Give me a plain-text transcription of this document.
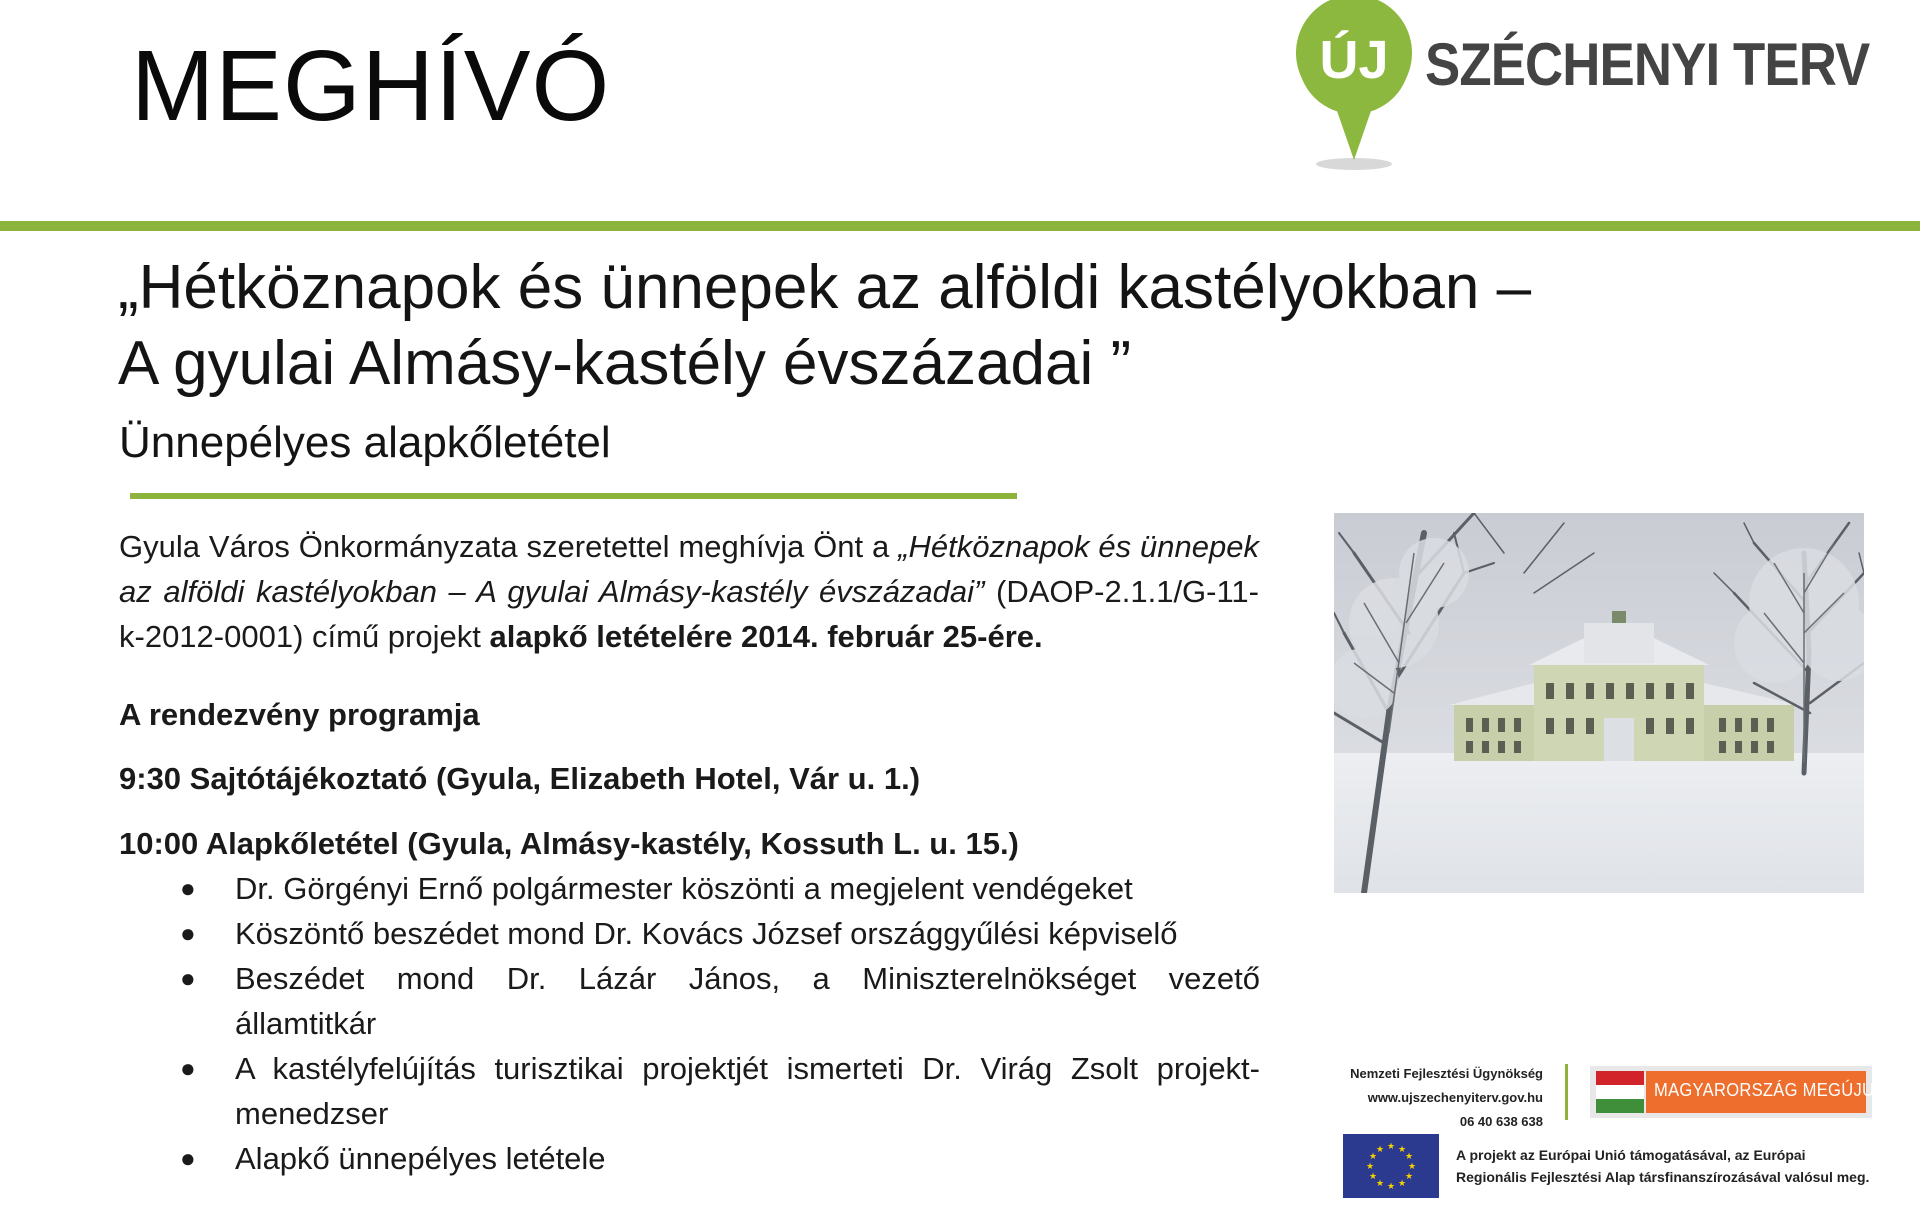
MEGHÍVÓ	ÚJ SZÉCHENYI TERV
„Hétköznapok és ünnepek az alföldi kastélyokban –
A gyulai Almásy-kastély évszázadai ”
Ünnepélyes alapkőletétel
Gyula Város Önkormányzata szeretettel meghívja Önt a „Hétköznapok és ünnepek az alföldi kastélyokban – A gyulai Almásy-kastély évszázadai” (DAOP-2.1.1/G-11-k-2012-0001) című projekt alapkő letételére 2014. február 25-ére.
A rendezvény programja
9:30 Sajtótájékoztató (Gyula, Elizabeth Hotel, Vár u. 1.)
10:00 Alapkőletétel (Gyula, Almásy-kastély, Kossuth L. u. 15.)
● Dr. Görgényi Ernő polgármester köszönti a megjelent vendégeket
● Köszöntő beszédet mond Dr. Kovács József országgyűlési képviselő
● Beszédet mond Dr. Lázár János, a Miniszterelnökséget vezető
államtitkár
● A kastélyfelújítás turisztikai projektjét ismerteti Dr. Virág Zsolt projekt-
menedzser
● Alapkő ünnepélyes letétele
Nemzeti Fejlesztési Ügynökség
www.ujszechenyiterv.gov.hu
06 40 638 638
MAGYARORSZÁG MEGÚJUL
★ ★
★
★
★
★
★
★
★
★
★
★	A projekt az Európai Unió támogatásával, az Európai Regionális Fejlesztési Alap társfinanszírozásával valósul meg.
